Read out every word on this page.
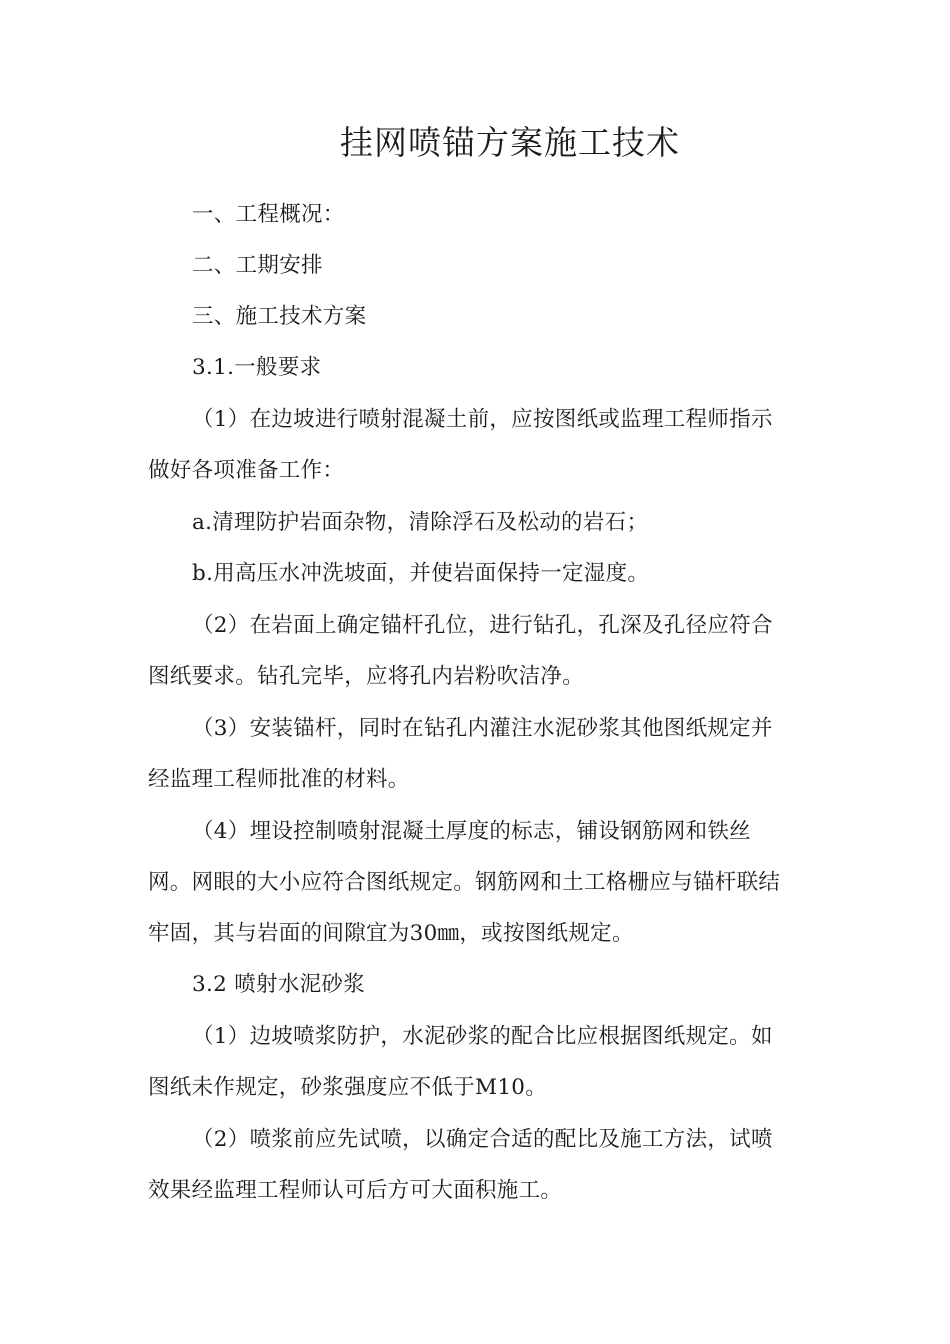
挂网喷锚方案施工技术
一、工程概况：
二、工期安排
三、施工技术方案
3.1.一般要求
（1）在边坡进行喷射混凝土前，应按图纸或监理工程师指示
做好各项准备工作：
a.清理防护岩面杂物，清除浮石及松动的岩石；
b.用高压水冲洗坡面，并使岩面保持一定湿度。
（2）在岩面上确定锚杆孔位，进行钻孔，孔深及孔径应符合
图纸要求。钻孔完毕，应将孔内岩粉吹洁净。
（3）安装锚杆，同时在钻孔内灌注水泥砂浆其他图纸规定并
经监理工程师批准的材料。
（4）埋设控制喷射混凝土厚度的标志，铺设钢筋网和铁丝
网。网眼的大小应符合图纸规定。钢筋网和土工格栅应与锚杆联结
牢固，其与岩面的间隙宜为30㎜，或按图纸规定。
3.2 喷射水泥砂浆
（1）边坡喷浆防护，水泥砂浆的配合比应根据图纸规定。如
图纸未作规定，砂浆强度应不低于M10。
（2）喷浆前应先试喷，以确定合适的配比及施工方法，试喷
效果经监理工程师认可后方可大面积施工。
